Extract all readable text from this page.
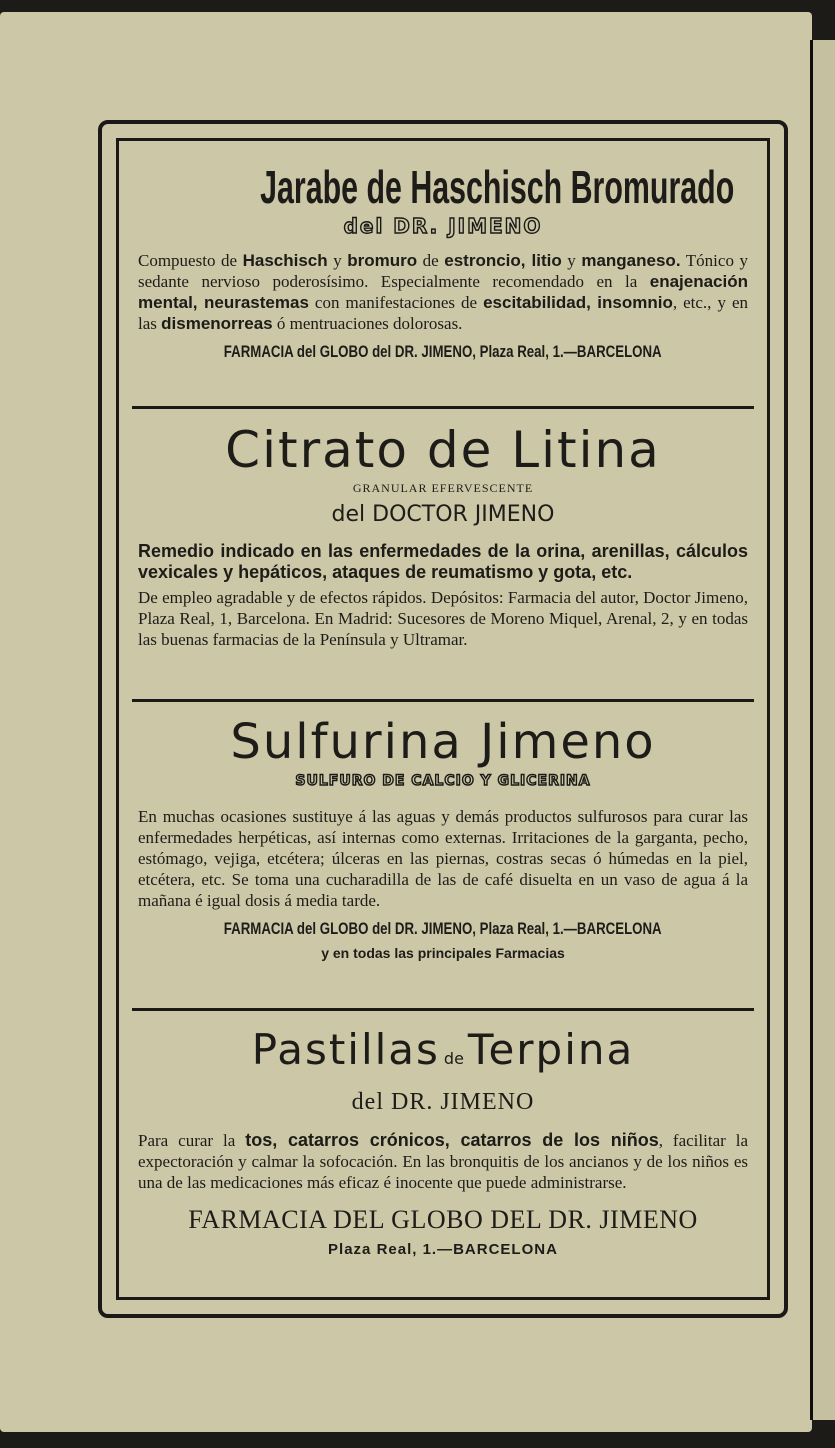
Jarabe de Haschisch Bromurado
del DR. JIMENO
Compuesto de Haschisch y bromuro de estroncio, litio y manganeso. Tónico y sedante nervioso poderosísimo. Especialmente recomendado en la enajenación mental, neurastemas con manifestaciones de escitabilidad, insomnio, etc., y en las dismenorreas ó mentruaciones dolorosas.
FARMACIA del GLOBO del DR. JIMENO, Plaza Real, 1.—BARCELONA
Citrato de Litina
GRANULAR EFERVESCENTE
del DOCTOR JIMENO
Remedio indicado en las enfermedades de la orina, arenillas, cálculos vexicales y hepáticos, ataques de reumatismo y gota, etc.
De empleo agradable y de efectos rápidos. Depósitos: Farmacia del autor, Doctor Jimeno, Plaza Real, 1, Barcelona. En Madrid: Sucesores de Moreno Miquel, Arenal, 2, y en todas las buenas farmacias de la Península y Ultramar.
Sulfurina Jimeno
SULFURO DE CALCIO Y GLICERINA
En muchas ocasiones sustituye á las aguas y demás productos sulfurosos para curar las enfermedades herpéticas, así internas como externas. Irritaciones de la garganta, pecho, estómago, vejiga, etcétera; úlceras en las piernas, costras secas ó húmedas en la piel, etcétera, etc. Se toma una cucharadilla de las de café disuelta en un vaso de agua á la mañana é igual dosis á media tarde.
FARMACIA del GLOBO del DR. JIMENO, Plaza Real, 1.—BARCELONA
y en todas las principales Farmacias
Pastillas de Terpina
del DR. JIMENO
Para curar la tos, catarros crónicos, catarros de los niños, facilitar la expectoración y calmar la sofocación. En las bronquitis de los ancianos y de los niños es una de las medicaciones más eficaz é inocente que puede administrarse.
FARMACIA DEL GLOBO DEL DR. JIMENO
Plaza Real, 1.—BARCELONA
